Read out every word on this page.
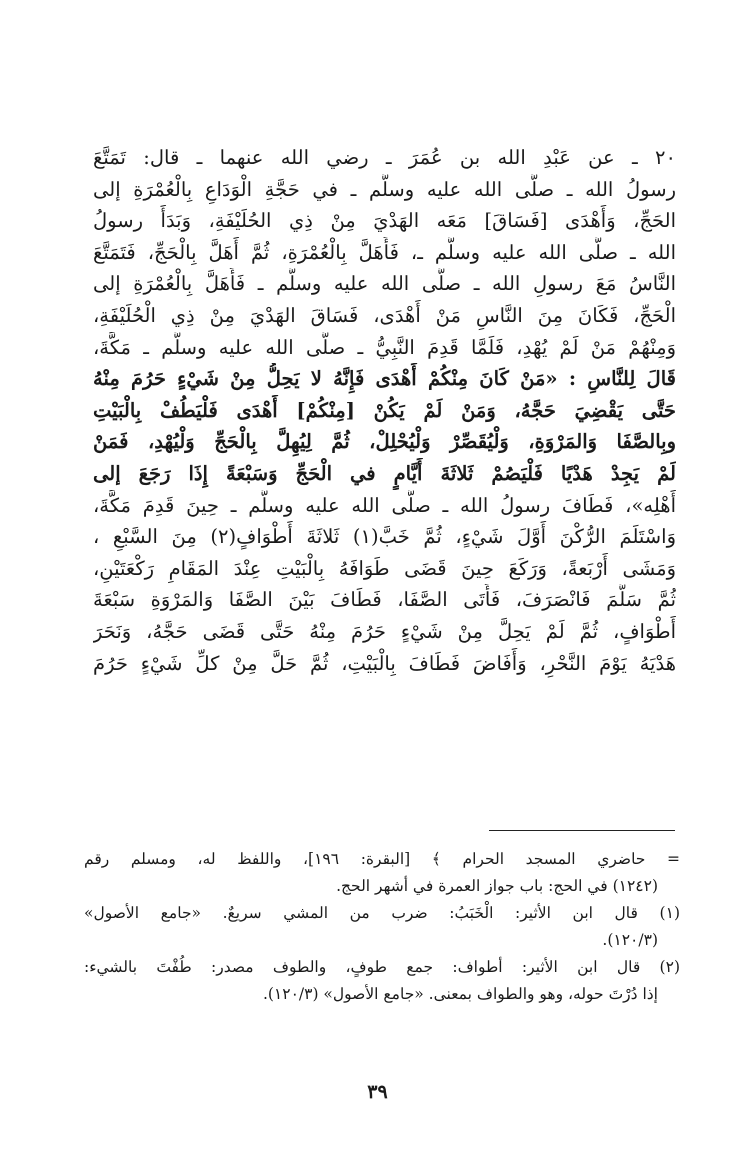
٢٠ ـ عن عَبْدِ الله بن عُمَرَ ـ رضي الله عنهما ـ قال: تَمَتَّعَ
رسولُ الله ـ صلَّى الله عليه وسلَّم ـ في حَجَّةِ الْوَدَاعِ بِالْعُمْرَةِ إلى
الحَجِّ، وَأَهْدَى [فَسَاقَ] مَعَه الهَدْيَ مِنْ ذِي الحُلَيْفَةِ، وَبَدَأَ رسولُ
الله ـ صلَّى الله عليه وسلَّم ـ، فَأَهَلَّ بِالْعُمْرَةِ، ثُمَّ أَهَلَّ بِالْحَجِّ، فَتَمَتَّعَ
النَّاسُ مَعَ رسولِ الله ـ صلَّى الله عليه وسلَّم ـ فَأَهَلَّ بِالْعُمْرَةِ إلى
الْحَجِّ، فَكَانَ مِنَ النَّاسِ مَنْ أَهْدَى، فَسَاقَ الهَدْيَ مِنْ ذِي الْحُلَيْفَةِ،
وَمِنْهُمْ مَنْ لَمْ يُهْدِ، فَلَمَّا قَدِمَ النَّبِيُّ ـ صلَّى الله عليه وسلَّم ـ مَكَّةَ،
قَالَ لِلنَّاسِ : «مَنْ كَانَ مِنْكُمْ أَهْدَى فَإِنَّهُ لا يَحِلُّ مِنْ شَيْءٍ حَرُمَ مِنْهُ
حَتَّى يَقْضِيَ حَجَّهُ، وَمَنْ لَمْ يَكُنْ [مِنْكُمْ] أَهْدَى فَلْيَطُفْ بِالْبَيْتِ
وبِالصَّفَا وَالمَرْوَةِ، وَلْيُقَصِّرْ وَلْيُحْلِلْ، ثُمَّ لِيُهِلَّ بِالْحَجِّ وَلْيُهْدِ، فَمَنْ
لَمْ يَجِدْ هَدْيًا فَلْيَصُمْ ثَلاثَةَ أَيَّامٍ في الْحَجِّ وَسَبْعَةً إِذَا رَجَعَ إلى
أَهْلِه»، فَطَافَ رسولُ الله ـ صلَّى الله عليه وسلَّم ـ حِينَ قَدِمَ مَكَّةَ،
وَاسْتَلَمَ الرُّكْنَ أَوَّلَ شَيْءٍ، ثُمَّ خَبَّ(١) ثَلاثَةَ أَطْوَافٍ(٢) مِنَ السَّبْعِ ،
وَمَشَى أَرْبَعةً، وَرَكَعَ حِينَ قَضَى طَوَافَهُ بِالْبَيْتِ عِنْدَ المَقَامِ رَكْعَتَيْنِ،
ثُمَّ سَلَّمَ فَانْصَرَفَ، فَأَتَى الصَّفَا، فَطَافَ بَيْنَ الصَّفَا وَالمَرْوَةِ سَبْعَةَ
أَطْوَافٍ، ثُمَّ لَمْ يَحِلَّ مِنْ شَيْءٍ حَرُمَ مِنْهُ حَتَّى قَضَى حَجَّهُ، وَنَحَرَ
هَدْيَهُ يَوْمَ النَّحْرِ، وَأَفَاضَ فَطَافَ بِالْبَيْتِ، ثُمَّ حَلَّ مِنْ كلِّ شَيْءٍ حَرُمَ
= حاضري المسجد الحرام ﴾ [البقرة: ١٩٦]، واللفظ له، ومسلم رقم
(١٢٤٢) في الحج: باب جواز العمرة في أشهر الحج.
(١) قال ابن الأثير: الْخَبَبُ: ضرب من المشي سريعٌ. «جامع الأصول»
(١٢٠/٣).
(٢) قال ابن الأثير: أطواف: جمع طوفٍ، والطوف مصدر: طُفْتَ بالشيء:
إذا دُرْتَ حوله، وهو والطواف بمعنى. «جامع الأصول» (١٢٠/٣).
٣٩
